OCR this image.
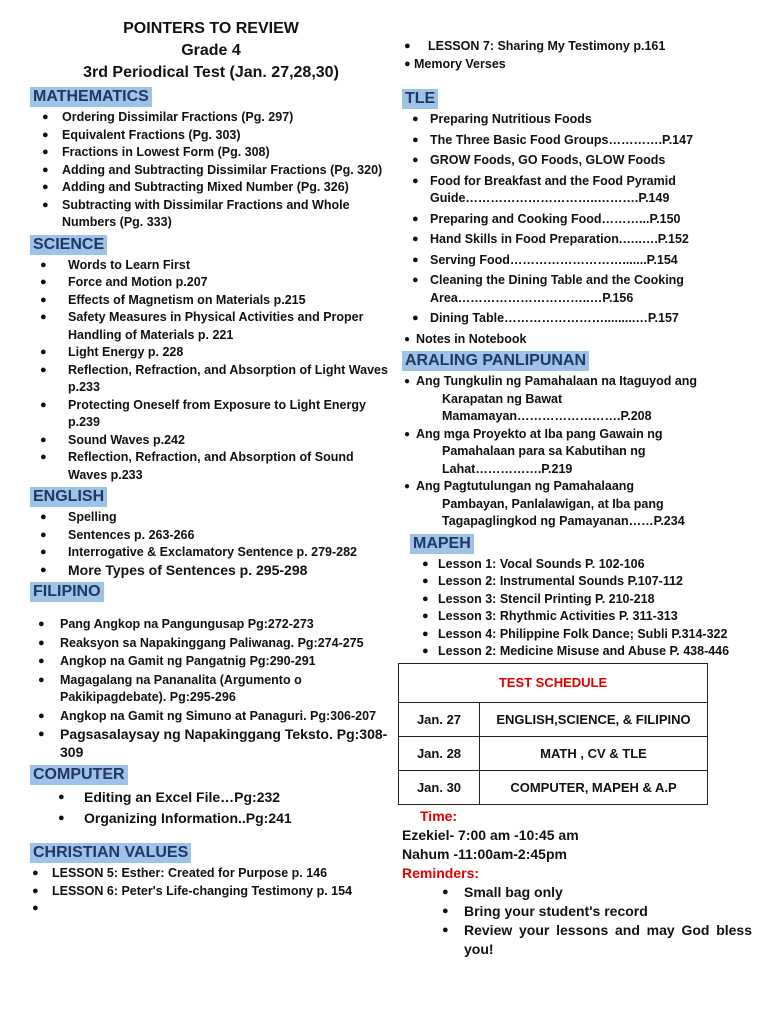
POINTERS TO REVIEW

Grade 4

3rd Periodical Test (Jan. 27,28,30)

MATHEMATICS
● Ordering Dissimilar Fractions (Pg. 297)
● Equivalent Fractions (Pg. 303)
● Fractions in Lowest Form (Pg. 308)
● Adding and Subtracting Dissimilar Fractions (Pg. 320)
● Adding and Subtracting Mixed Number (Pg. 326)
● Subtracting with Dissimilar Fractions and Whole Numbers (Pg. 333)
SCIENCE
● Words to Learn First
● Force and Motion p.207
● Effects of Magnetism on Materials p.215
● Safety Measures in Physical Activities and Proper Handling of Materials p. 221
● Light Energy p. 228
● Reflection, Refraction, and Absorption of Light Waves p.233
● Protecting Oneself from Exposure to Light Energy p.239
● Sound Waves p.242
● Reflection, Refraction, and Absorption of Sound Waves p.233
ENGLISH
● Spelling
● Sentences p. 263-266
● Interrogative & Exclamatory Sentence p. 279-282
● More Types of Sentences p. 295-298
FILIPINO
● Pang Angkop na Pangungusap Pg:272-273
● Reaksyon sa Napakinggang Paliwanag. Pg:274-275
● Angkop na Gamit ng Pangatnig Pg:290-291
● Magagalang na Pananalita (Argumento o Pakikipagdebate). Pg:295-296
● Angkop na Gamit ng Simuno at Panaguri. Pg:306-207
● Pagsasalaysay ng Napakinggang Teksto. Pg:308-309
COMPUTER
● Editing an Excel File…Pg:232
● Organizing Information..Pg:241
CHRISTIAN VALUES
● LESSON 5: Esther: Created for Purpose p. 146
● LESSON 6: Peter's Life-changing Testimony p. 154
●
● LESSON 7: Sharing My Testimony p.161
● Memory Verses
TLE
● Preparing Nutritious Foods
● The Three Basic Food Groups………….P.147
● GROW Foods, GO Foods, GLOW Foods
● Food for Breakfast and the Food Pyramid Guide…………………………..……….P.149
● Preparing and Cooking Food………...P.150
● Hand Skills in Food Preparation.…..….P.152
● Serving Food……………………….......P.154
● Cleaning the Dining Table and the Cooking Area…………………………..…P.156
● Dining Table…………………….........…P.157
● Notes in Notebook
ARALING PANLIPUNAN
● Ang Tungkulin ng Pamahalaan na Itaguyod ang
Karapatan ng Bawat Mamamayan…………………….P.208
● Ang mga Proyekto at Iba pang Gawain ng
Pamahalaan para sa Kabutihan ng Lahat…………….P.219
● Ang Pagtutulungan ng Pamahalaang
Pambayan, Panlalawigan, at Iba pang Tagapaglingkod ng Pamayanan……P.234
MAPEH
● Lesson 1: Vocal Sounds P. 102-106
● Lesson 2: Instrumental Sounds P.107-112
● Lesson 3: Stencil Printing P. 210-218
● Lesson 3: Rhythmic Activities P. 311-313
● Lesson 4: Philippine Folk Dance; Subli P.314-322
● Lesson 2: Medicine Misuse and Abuse P. 438-446
TEST SCHEDULE	
Jan. 27	ENGLISH,SCIENCE, & FILIPINO
Jan. 28	MATH , CV & TLE
Jan. 30	COMPUTER, MAPEH & A.P
Time:
Ezekiel- 7:00 am -10:45 am
Nahum -11:00am-2:45pm
Reminders:
● Small bag only
● Bring your student's record
● Review your lessons and may God bless you!
